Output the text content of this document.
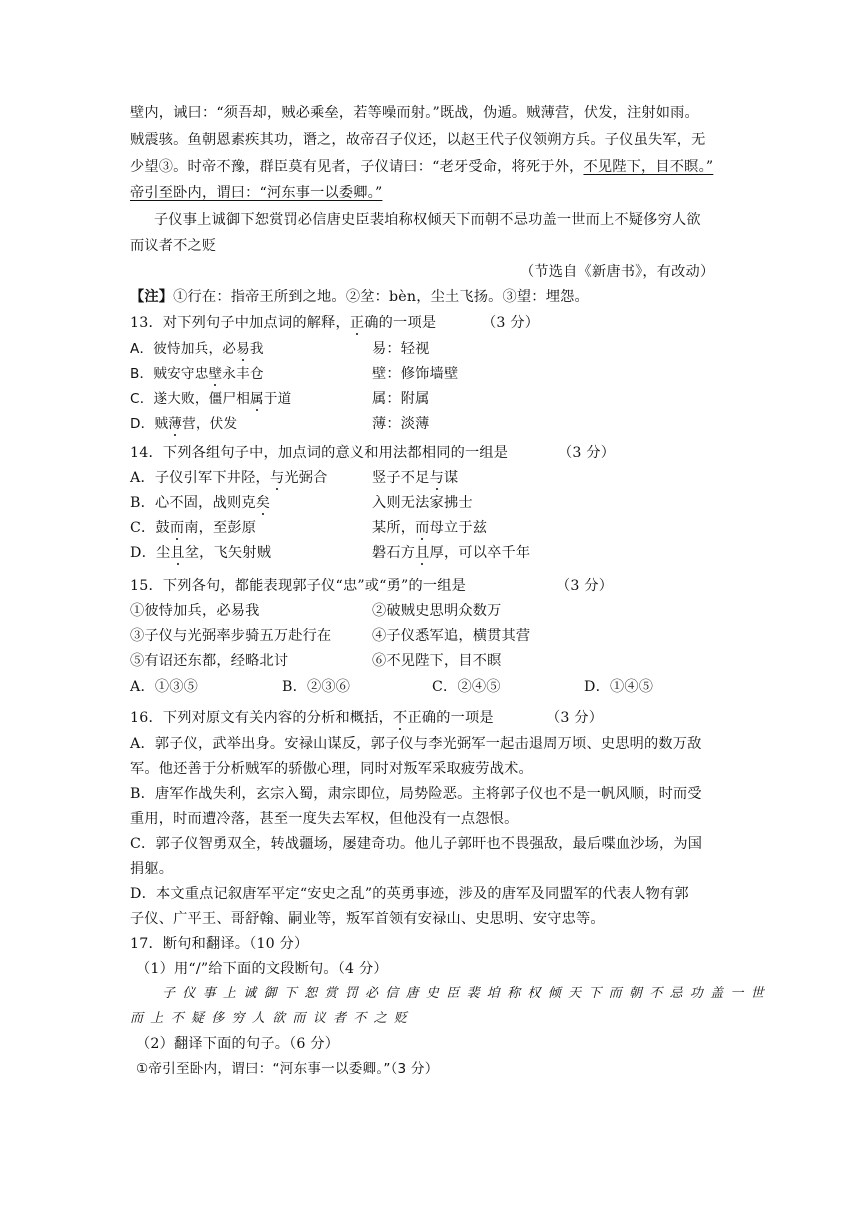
壁内，诫曰：“须吾却，贼必乘垒，若等噪而射。”既战，伪遁。贼薄营，伏发，注射如雨。
贼震骇。鱼朝恩素疾其功，谮之，故帝召子仪还，以赵王代子仪领朔方兵。子仪虽失军，无
少望③。时帝不豫，群臣莫有见者，子仪请曰：“老牙受命，将死于外，不见陛下，目不瞑。”
帝引至卧内，谓曰：“河东事一以委卿。”
子仪事上诚御下恕赏罚必信唐史臣裴垍称权倾天下而朝不忌功盖一世而上不疑侈穷人欲
而议者不之贬
（节选自《新唐书》，有改动）
【注】①行在：指帝王所到之地。②坌：bèn，尘土飞扬。③望：埋怨。
13．对下列句子中加点词的解释，正确的一项是	（3 分）
A．彼恃加兵，必易我	易：轻视
B．贼安守忠壁永丰仓	壁：修饰墙壁
C．遂大败，僵尸相属于道	属：附属
D．贼薄营，伏发	薄：淡薄
14．下列各组句子中，加点词的意义和用法都相同的一组是	（3 分）
A．子仪引军下井陉，与光弼合	竖子不足与谋
B．心不固，战则克矣	入则无法家拂士
C．鼓而南，至彭原	某所，而母立于兹
D．尘且坌，飞矢射贼	磐石方且厚，可以卒千年
15．下列各句，都能表现郭子仪“忠”或“勇”的一组是	（3 分）
①彼恃加兵，必易我	②破贼史思明众数万
③子仪与光弼率步骑五万赴行在	④子仪悉军追，横贯其营
⑤有诏还东都，经略北讨	⑥不见陛下，目不瞑
A．①③⑤	B．②③⑥	C．②④⑤	D．①④⑤
16．下列对原文有关内容的分析和概括，不正确的一项是	（3 分）
A．郭子仪，武举出身。安禄山谋反，郭子仪与李光弼军一起击退周万顷、史思明的数万敌
军。他还善于分析贼军的骄傲心理，同时对叛军采取疲劳战术。
B．唐军作战失利，玄宗入蜀，肃宗即位，局势险恶。主将郭子仪也不是一帆风顺，时而受
重用，时而遭冷落，甚至一度失去军权，但他没有一点怨恨。
C．郭子仪智勇双全，转战疆场，屡建奇功。他儿子郭旰也不畏强敌，最后喋血沙场，为国
捐躯。
D．本文重点记叙唐军平定“安史之乱”的英勇事迹，涉及的唐军及同盟军的代表人物有郭
子仪、广平王、哥舒翰、嗣业等，叛军首领有安禄山、史思明、安守忠等。
17．断句和翻译。（10 分）
（1）用“/”给下面的文段断句。（4 分）
子仪事上诚御下恕赏罚必信唐史臣裴垍称权倾天下而朝不忌功盖一世
而上不疑侈穷人欲而议者不之贬
（2）翻译下面的句子。（6 分）
①帝引至卧内，谓曰：“河东事一以委卿。”（3 分）
